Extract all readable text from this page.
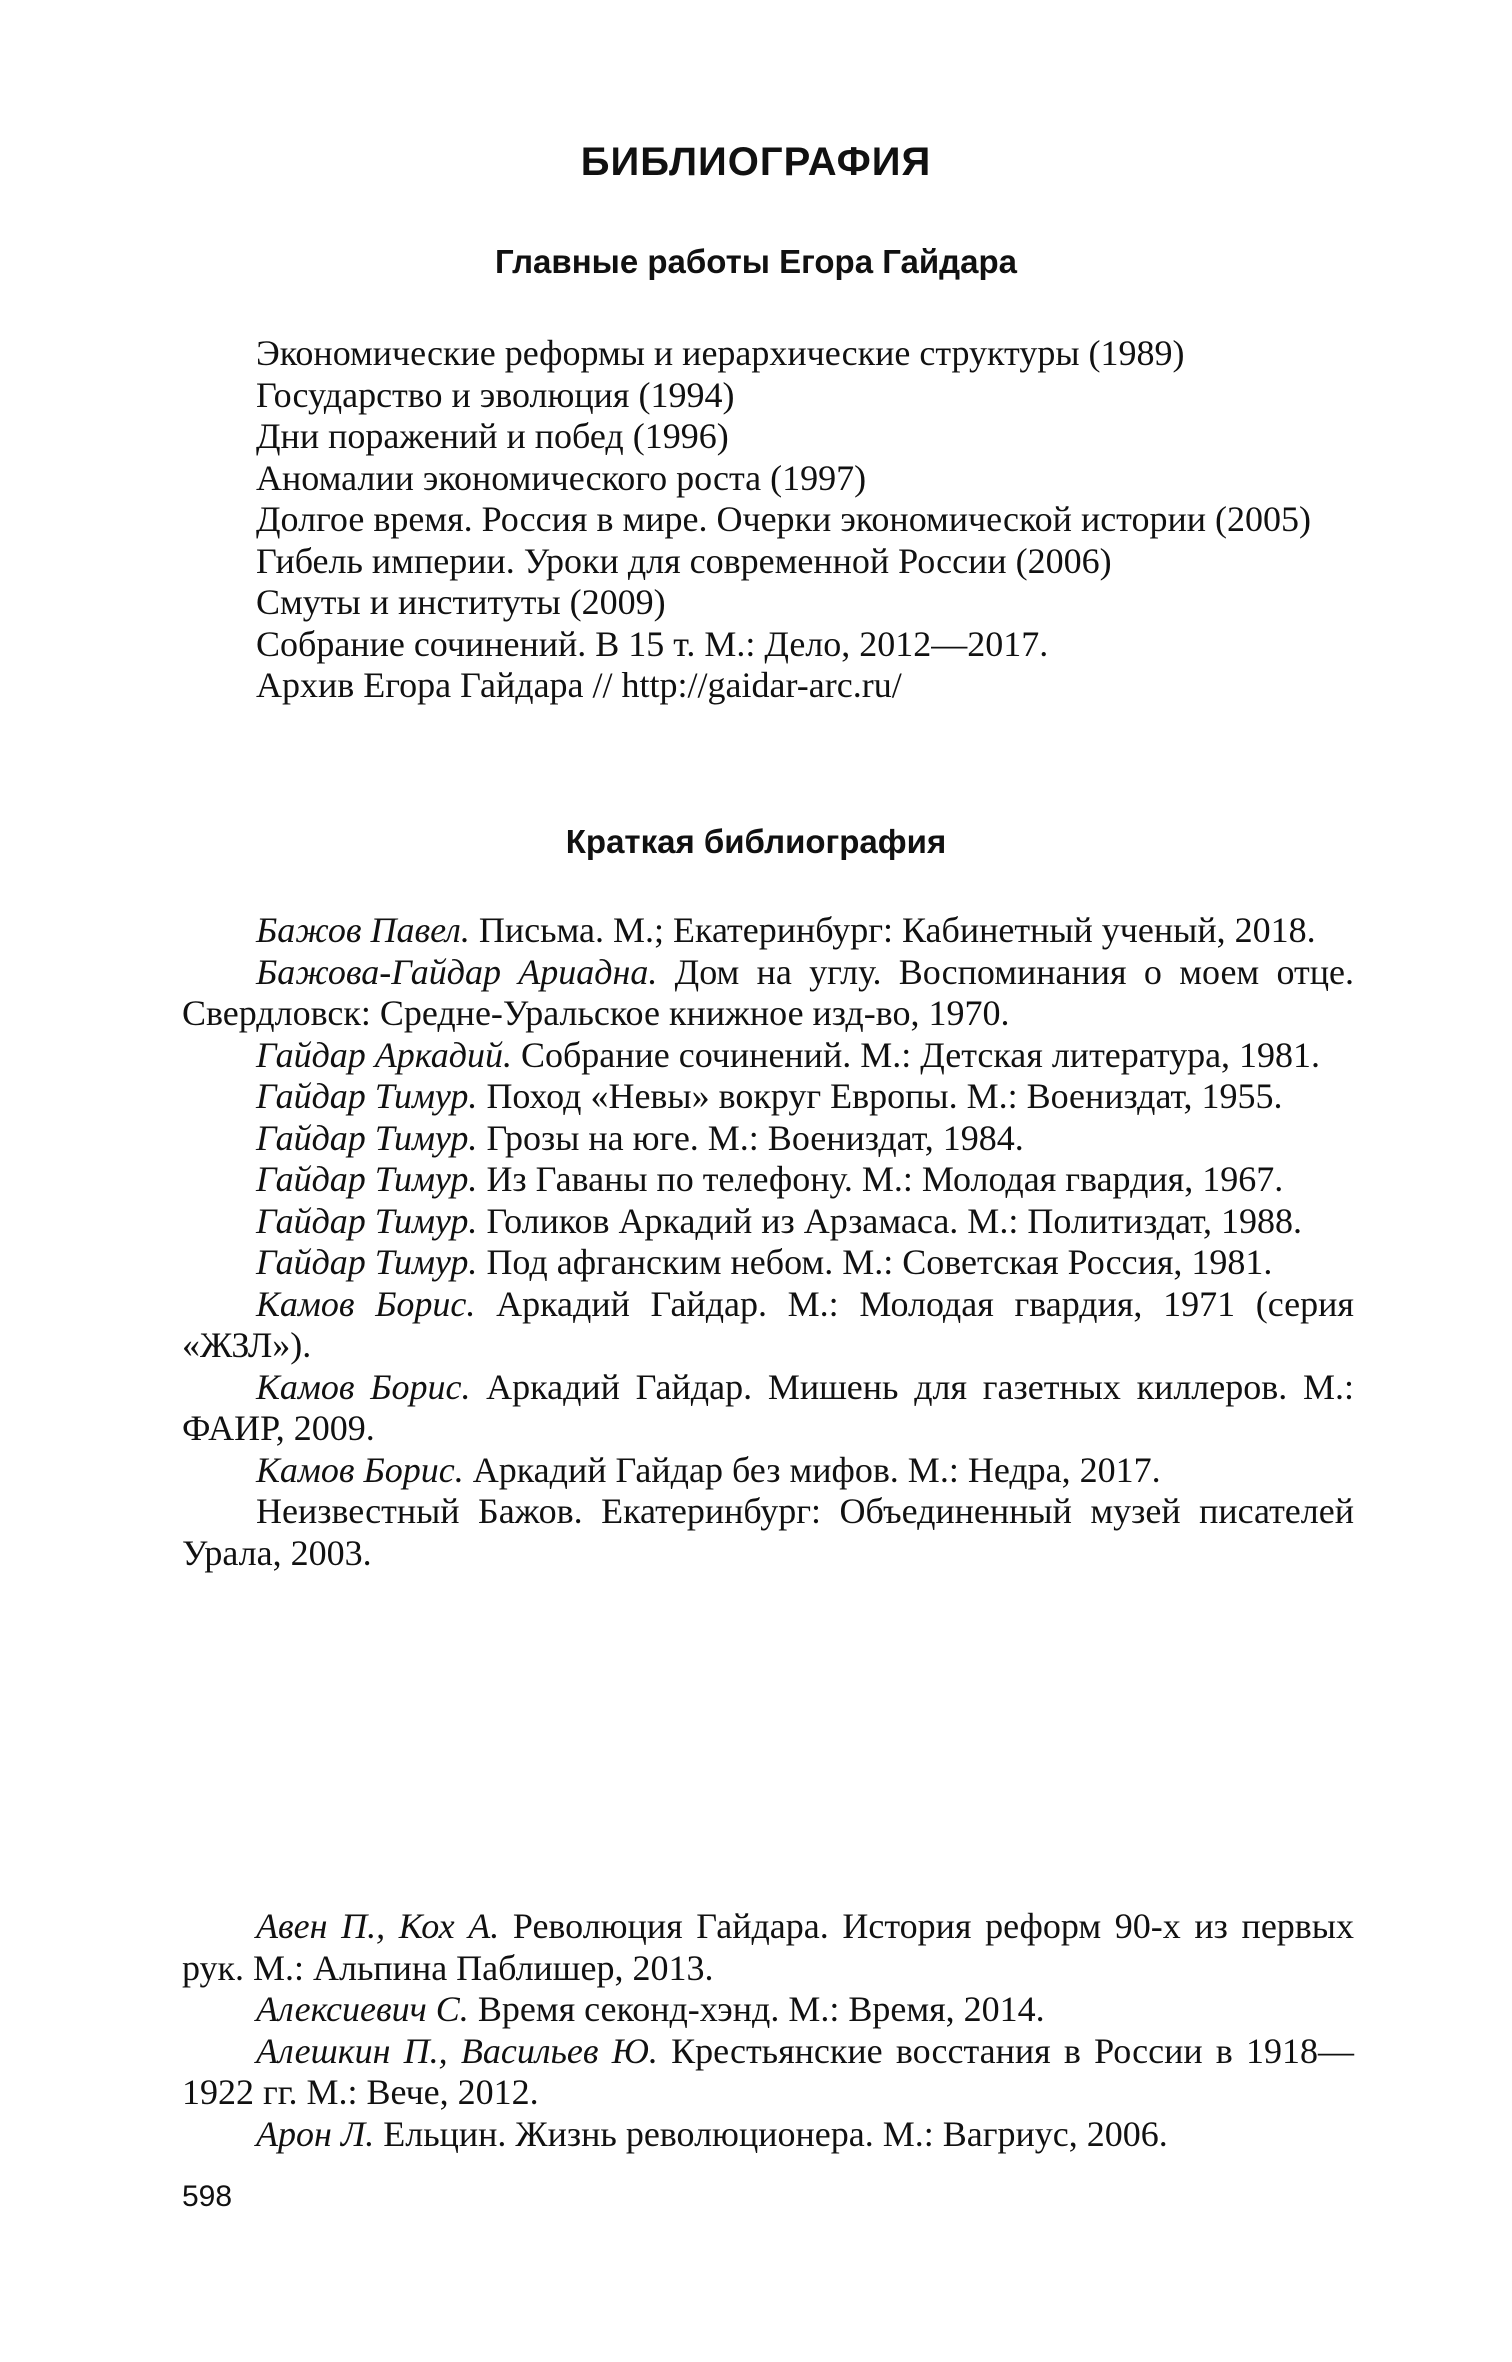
БИБЛИОГРАФИЯ
Главные работы Егора Гайдара

Экономические реформы и иерархические структуры (1989)

Государство и эволюция (1994)

Дни поражений и побед (1996)

Аномалии экономического роста (1997)

Долгое время. Россия в мире. Очерки экономической истории (2005)

Гибель империи. Уроки для современной России (2006)

Смуты и институты (2009)

Собрание сочинений. В 15 т. М.: Дело, 2012—2017.

Архив Егора Гайдара // http://gaidar-arc.ru/

Краткая библиография

Бажов Павел. Письма. М.; Екатеринбург: Кабинетный ученый, 2018.

Бажова-Гайдар Ариадна. Дом на углу. Воспоминания о моем отце. Свердловск: Средне-Уральское книжное изд-во, 1970.

Гайдар Аркадий. Собрание сочинений. М.: Детская литература, 1981.

Гайдар Тимур. Поход «Невы» вокруг Европы. М.: Воениздат, 1955.

Гайдар Тимур. Грозы на юге. М.: Воениздат, 1984.

Гайдар Тимур. Из Гаваны по телефону. М.: Молодая гвардия, 1967.

Гайдар Тимур. Голиков Аркадий из Арзамаса. М.: Политиздат, 1988.

Гайдар Тимур. Под афганским небом. М.: Советская Россия, 1981.

Камов Борис. Аркадий Гайдар. М.: Молодая гвардия, 1971 (серия «ЖЗЛ»).

Камов Борис. Аркадий Гайдар. Мишень для газетных киллеров. М.: ФАИР, 2009.

Камов Борис. Аркадий Гайдар без мифов. М.: Недра, 2017.

Неизвестный Бажов. Екатеринбург: Объединенный музей писателей Урала, 2003.

Авен П., Кох А. Революция Гайдара. История реформ 90-х из первых рук. М.: Альпина Паблишер, 2013.

Алексиевич С. Время секонд-хэнд. М.: Время, 2014.

Алешкин П., Васильев Ю. Крестьянские восстания в России в 1918—1922 гг. М.: Вече, 2012.

Арон Л. Ельцин. Жизнь революционера. М.: Вагриус, 2006.

598
